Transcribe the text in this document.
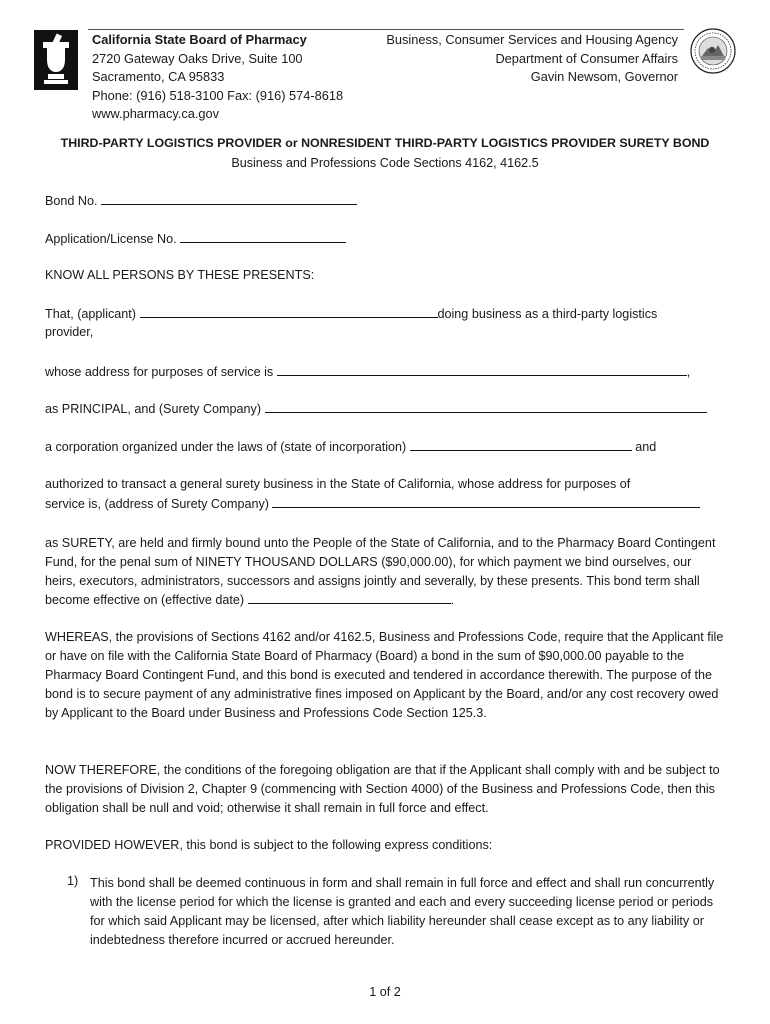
California State Board of Pharmacy
2720 Gateway Oaks Drive, Suite 100
Sacramento, CA 95833
Phone: (916) 518-3100 Fax: (916) 574-8618
www.pharmacy.ca.gov
Business, Consumer Services and Housing Agency
Department of Consumer Affairs
Gavin Newsom, Governor
THIRD-PARTY LOGISTICS PROVIDER or NONRESIDENT THIRD-PARTY LOGISTICS PROVIDER SURETY BOND
Business and Professions Code Sections 4162, 4162.5
Bond No.
Application/License No.
KNOW ALL PERSONS BY THESE PRESENTS:
That, (applicant)	doing business as a third-party logistics
provider,
whose address for purposes of service is	,
as PRINCIPAL, and (Surety Company)
a corporation organized under the laws of (state of incorporation)	and
authorized to transact a general surety business in the State of California, whose address for purposes of
service is, (address of Surety Company)
as SURETY, are held and firmly bound unto the People of the State of California, and to the Pharmacy Board Contingent Fund, for the penal sum of NINETY THOUSAND DOLLARS ($90,000.00), for which payment we bind ourselves, our heirs, executors, administrators, successors and assigns jointly and severally, by these presents. This bond term shall become effective on (effective date)	.
WHEREAS, the provisions of Sections 4162 and/or 4162.5, Business and Professions Code, require that the Applicant file or have on file with the California State Board of Pharmacy (Board) a bond in the sum of $90,000.00 payable to the Pharmacy Board Contingent Fund, and this bond is executed and tendered in accordance therewith. The purpose of the bond is to secure payment of any administrative fines imposed on Applicant by the Board, and/or any cost recovery owed by Applicant to the Board under Business and Professions Code Section 125.3.
NOW THEREFORE, the conditions of the foregoing obligation are that if the Applicant shall comply with and be subject to the provisions of Division 2, Chapter 9 (commencing with Section 4000) of the Business and Professions Code, then this obligation shall be null and void; otherwise it shall remain in full force and effect.
PROVIDED HOWEVER, this bond is subject to the following express conditions:
1) This bond shall be deemed continuous in form and shall remain in full force and effect and shall run concurrently with the license period for which the license is granted and each and every succeeding license period or periods for which said Applicant may be licensed, after which liability hereunder shall cease except as to any liability or indebtedness therefore incurred or accrued hereunder.
1 of 2
